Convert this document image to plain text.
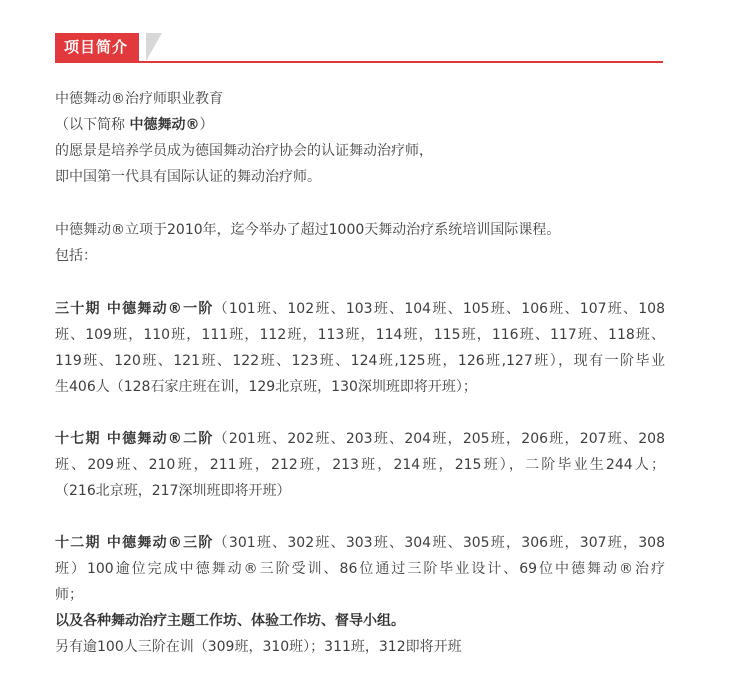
项目简介

中德舞动®治疗师职业教育

（以下简称 中德舞动®）

的愿景是培养学员成为德国舞动治疗协会的认证舞动治疗师，

即中国第一代具有国际认证的舞动治疗师。

中德舞动®立项于2010年，迄今举办了超过1000天舞动治疗系统培训国际课程。

包括：

三十期 中德舞动®一阶（101班、102班、103班、104班、105班、106班、107班、108

班、109班，110班，111班，112班，113班，114班，115班，116班、117班、118班、

119班、120班、121班、122班、123班、124班,125班，126班,127班），现有一阶毕业

生406人（128石家庄班在训，129北京班，130深圳班即将开班）；

十七期 中德舞动®二阶（201班、202班、203班、204班，205班，206班，207班、208

班、209班、210班，211班，212班，213班，214班，215班），二阶毕业生244人；

（216北京班，217深圳班即将开班）

十二期 中德舞动®三阶（301班、302班、303班、304班、305班，306班，307班，308

班）100逾位完成中德舞动®三阶受训、86位通过三阶毕业设计、69位中德舞动®治疗

师；

以及各种舞动治疗主题工作坊、体验工作坊、督导小组。

另有逾100人三阶在训（309班，310班）；311班，312即将开班
